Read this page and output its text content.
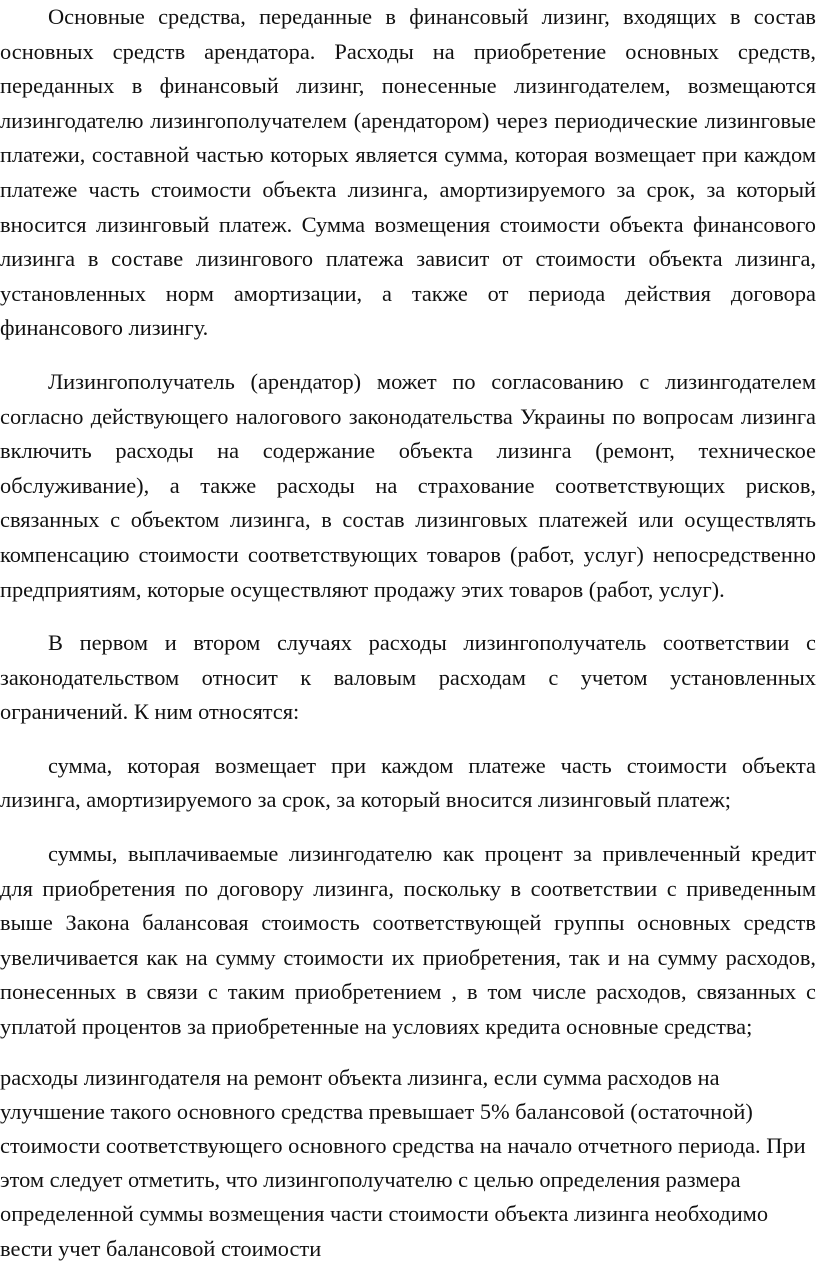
Основные средства, переданные в финансовый лизинг, входящих в состав основных средств арендатора. Расходы на приобретение основных средств, переданных в финансовый лизинг, понесенные лизингодателем, возмещаются лизингодателю лизингополучателем (арендатором) через периодические лизинговые платежи, составной частью которых является сумма, которая возмещает при каждом платеже часть стоимости объекта лизинга, амортизируемого за срок, за который вносится лизинговый платеж. Сумма возмещения стоимости объекта финансового лизинга в составе лизингового платежа зависит от стоимости объекта лизинга, установленных норм амортизации, а также от периода действия договора финансового лизингу.

Лизингополучатель (арендатор) может по согласованию с лизингодателем согласно действующего налогового законодательства Украины по вопросам лизинга включить расходы на содержание объекта лизинга (ремонт, техническое обслуживание), а также расходы на страхование соответствующих рисков, связанных с объектом лизинга, в состав лизинговых платежей или осуществлять компенсацию стоимости соответствующих товаров (работ, услуг) непосредственно предприятиям, которые осуществляют продажу этих товаров (работ, услуг).

В первом и втором случаях расходы лизингополучатель соответствии с законодательством относит к валовым расходам с учетом установленных ограничений. К ним относятся:

сумма, которая возмещает при каждом платеже часть стоимости объекта лизинга, амортизируемого за срок, за который вносится лизинговый платеж;

суммы, выплачиваемые лизингодателю как процент за привлеченный кредит для приобретения по договору лизинга, поскольку в соответствии с приведенным выше Закона балансовая стоимость соответствующей группы основных средств увеличивается как на сумму стоимости их приобретения, так и на сумму расходов, понесенных в связи с таким приобретением , в том числе расходов, связанных с уплатой процентов за приобретенные на условиях кредита основные средства;

расходы лизингодателя на ремонт объекта лизинга, если сумма расходов на улучшение такого основного средства превышает 5% балансовой (остаточной) стоимости соответствующего основного средства на начало отчетного периода. При этом следует отметить, что лизингополучателю с целью определения размера определенной суммы возмещения части стоимости объекта лизинга необходимо вести учет балансовой стоимости
